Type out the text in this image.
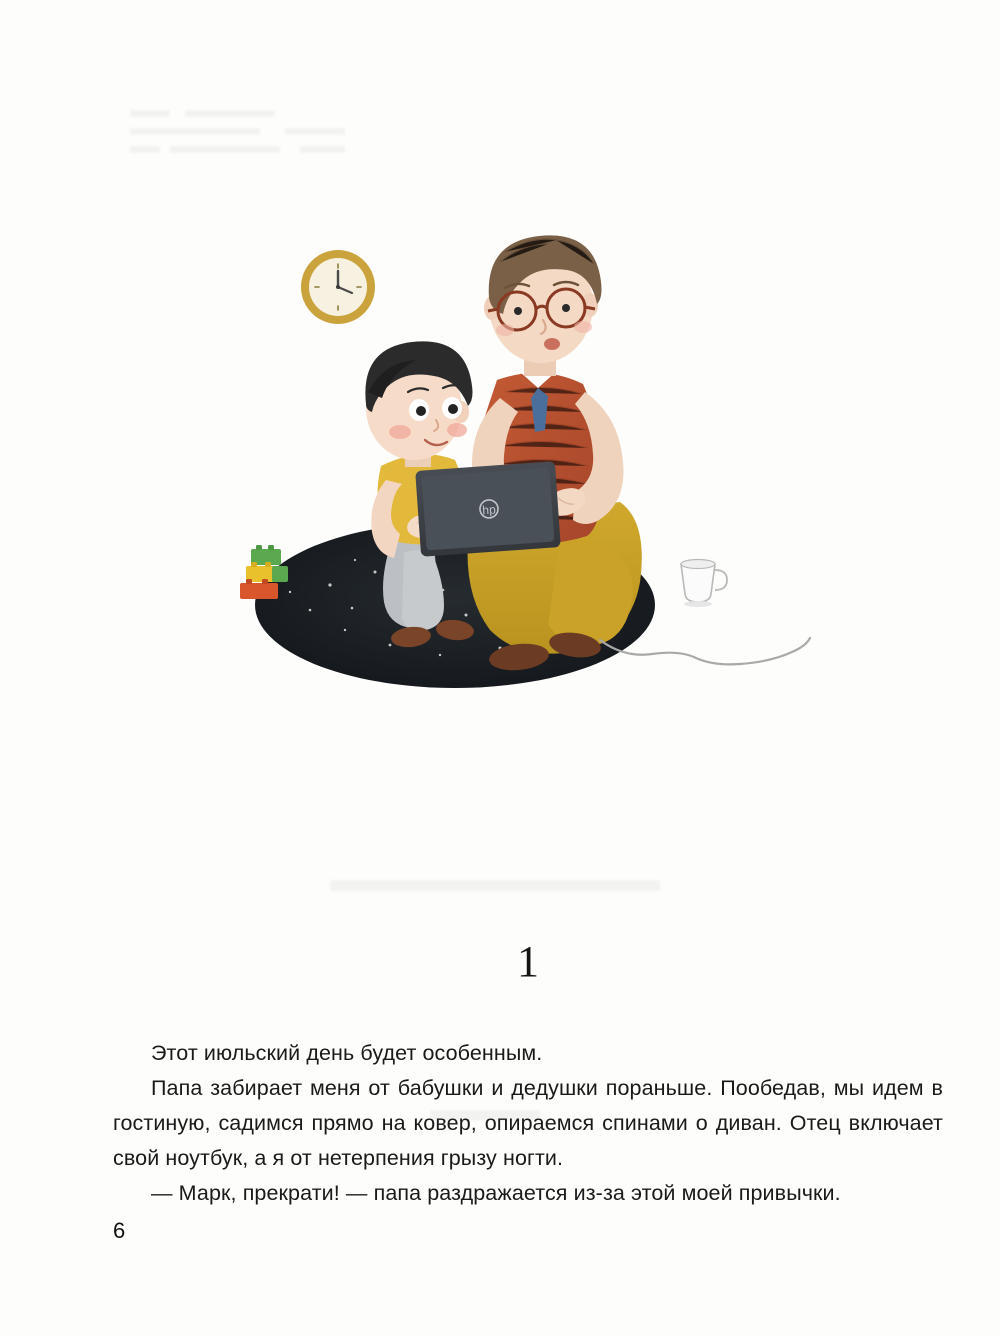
hp
1

Этот июльский день будет особенным.

Папа забирает меня от бабушки и дедушки пораньше. Пообедав, мы идем в гостиную, садимся прямо на ковер, опираемся спинами о диван. Отец включает свой ноутбук, а я от нетерпения грызу ногти.

— Марк, прекрати! — папа раздражается из-за этой моей привычки.

6
